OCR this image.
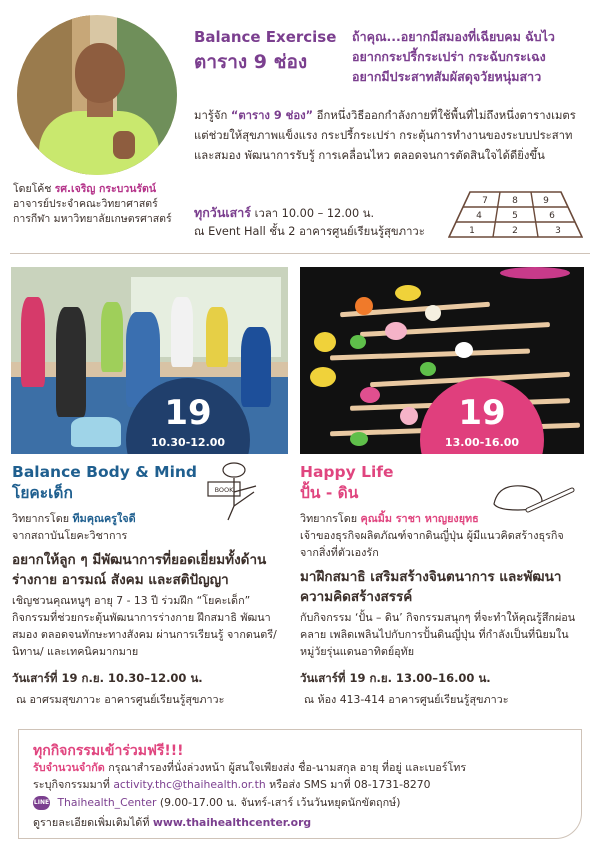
Balance Exercise
ตาราง 9 ช่อง
ถ้าคุณ...อยากมีสมองที่เฉียบคม ฉับไว
อยากกระปรี้กระเปร่า กระฉับกระเฉง
อยากมีประสาทสัมผัสดุจวัยหนุ่มสาว
มารู้จัก “ตาราง 9 ช่อง” อีกหนึ่งวิธีออกกำลังกายที่ใช้พื้นที่ไม่ถึงหนึ่งตารางเมตร แต่ช่วยให้สุขภาพแข็งแรง กระปรี้กระเปร่า กระตุ้นการทำงานของระบบประสาทและสมอง พัฒนาการรับรู้ การเคลื่อนไหว ตลอดจนการตัดสินใจได้ดียิ่งขึ้น
โดยโค้ช รศ.เจริญ กระบวนรัตน์
อาจารย์ประจำคณะวิทยาศาสตร์
การกีฬา มหาวิทยาลัยเกษตรศาสตร์	ทุกวันเสาร์ เวลา 10.00 – 12.00 น.
ณ Event Hall ชั้น 2 อาคารศูนย์เรียนรู้สุขภาวะ
7	8	9
4	5	6
1	2	3
19
10.30-12.00
19
13.00-16.00
Balance Body & Mind
โยคะเด็ก	BOOK
วิทยากรโดย ทีมคุณครูใจดี
จากสถาบันโยคะวิชาการ
อยากให้ลูก ๆ มีพัฒนาการที่ยอดเยี่ยมทั้งด้านร่างกาย อารมณ์ สังคม และสติปัญญา
เชิญชวนคุณหนูๆ อายุ 7 - 13 ปี ร่วมฝึก “โยคะเด็ก” กิจกรรมที่ช่วยกระตุ้นพัฒนาการร่างกาย ฝึกสมาธิ พัฒนาสมอง ตลอดจนทักษะทางสังคม ผ่านการเรียนรู้ จากดนตรี/ นิทาน/ และเทคนิคมากมาย
วันเสาร์ที่ 19 ก.ย. 10.30–12.00 น.
ณ อาศรมสุขภาวะ อาคารศูนย์เรียนรู้สุขภาวะ
Happy Life
ปั้น - ดิน
วิทยากรโดย คุณมิ้ม ราชา หาญยงยุทธ
เจ้าของธุรกิจผลิตภัณฑ์จากดินญี่ปุ่น ผู้มีแนวคิดสร้างธุรกิจจากสิ่งที่ตัวเองรัก
มาฝึกสมาธิ เสริมสร้างจินตนาการ และพัฒนาความคิดสร้างสรรค์
กับกิจกรรม ‘ปั้น – ดิน’ กิจกรรมสนุกๆ ที่จะทำให้คุณรู้สึกผ่อนคลาย เพลิดเพลินไปกับการปั้นดินญี่ปุ่น ที่กำลังเป็นที่นิยมในหมู่วัยรุ่นแดนอาทิตย์อุทัย
วันเสาร์ที่ 19 ก.ย. 13.00–16.00 น.
ณ ห้อง 413-414 อาคารศูนย์เรียนรู้สุขภาวะ
ทุกกิจกรรมเข้าร่วมฟรี!!!
รับจำนวนจำกัด กรุณาสำรองที่นั่งล่วงหน้า ผู้สนใจเพียงส่ง ชื่อ-นามสกุล อายุ ที่อยู่ และเบอร์โทร
ระบุกิจกรรมมาที่ activity.thc@thaihealth.or.th หรือส่ง SMS มาที่ 08-1731-8270
LINE Thaihealth_Center (9.00-17.00 น. จันทร์-เสาร์ เว้นวันหยุดนักขัตฤกษ์)
ดูรายละเอียดเพิ่มเติมได้ที่ www.thaihealthcenter.org
